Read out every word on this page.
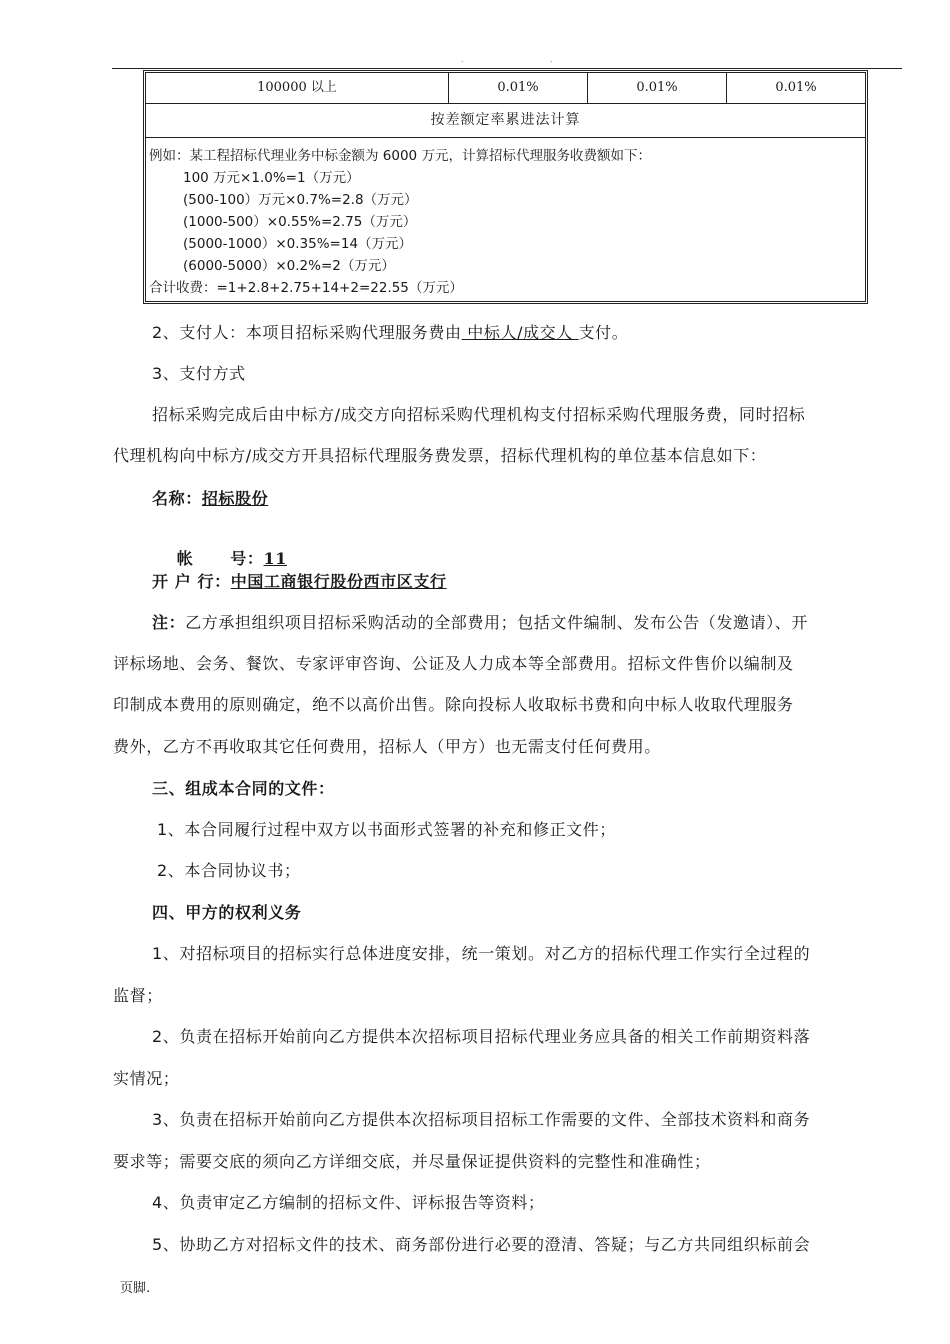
.	.
100000 以上	0.01%	0.01%	0.01%
按差额定率累进法计算
例如：某工程招标代理业务中标金额为 6000 万元，计算招标代理服务收费额如下：
100 万元×1.0%=1（万元）
(500-100）万元×0.7%=2.8（万元）
(1000-500）×0.55%=2.75（万元）
(5000-1000）×0.35%=14（万元）
(6000-5000）×0.2%=2（万元）
合计收费：=1+2.8+2.75+14+2=22.55（万元）
2、支付人：本项目招标采购代理服务费由 中标人/成交人 支付。
3、支付方式
招标采购完成后由中标方/成交方向招标采购代理机构支付招标采购代理服务费，同时招标
代理机构向中标方/成交方开具招标代理服务费发票，招标代理机构的单位基本信息如下：
名称：招标股份

帐      号：11

开 户 行：中国工商银行股份西市区支行
注：乙方承担组织项目招标采购活动的全部费用；包括文件编制、发布公告（发邀请）、开
评标场地、会务、餐饮、专家评审咨询、公证及人力成本等全部费用。招标文件售价以编制及
印制成本费用的原则确定，绝不以高价出售。除向投标人收取标书费和向中标人收取代理服务
费外，乙方不再收取其它任何费用，招标人（甲方）也无需支付任何费用。
三、组成本合同的文件：
1、本合同履行过程中双方以书面形式签署的补充和修正文件；
2、本合同协议书；
四、甲方的权利义务
1、对招标项目的招标实行总体进度安排，统一策划。对乙方的招标代理工作实行全过程的
监督；
2、负责在招标开始前向乙方提供本次招标项目招标代理业务应具备的相关工作前期资料落
实情况；
3、负责在招标开始前向乙方提供本次招标项目招标工作需要的文件、全部技术资料和商务
要求等；需要交底的须向乙方详细交底，并尽量保证提供资料的完整性和准确性；
4、负责审定乙方编制的招标文件、评标报告等资料；
5、协助乙方对招标文件的技术、商务部份进行必要的澄清、答疑；与乙方共同组织标前会
页脚.
